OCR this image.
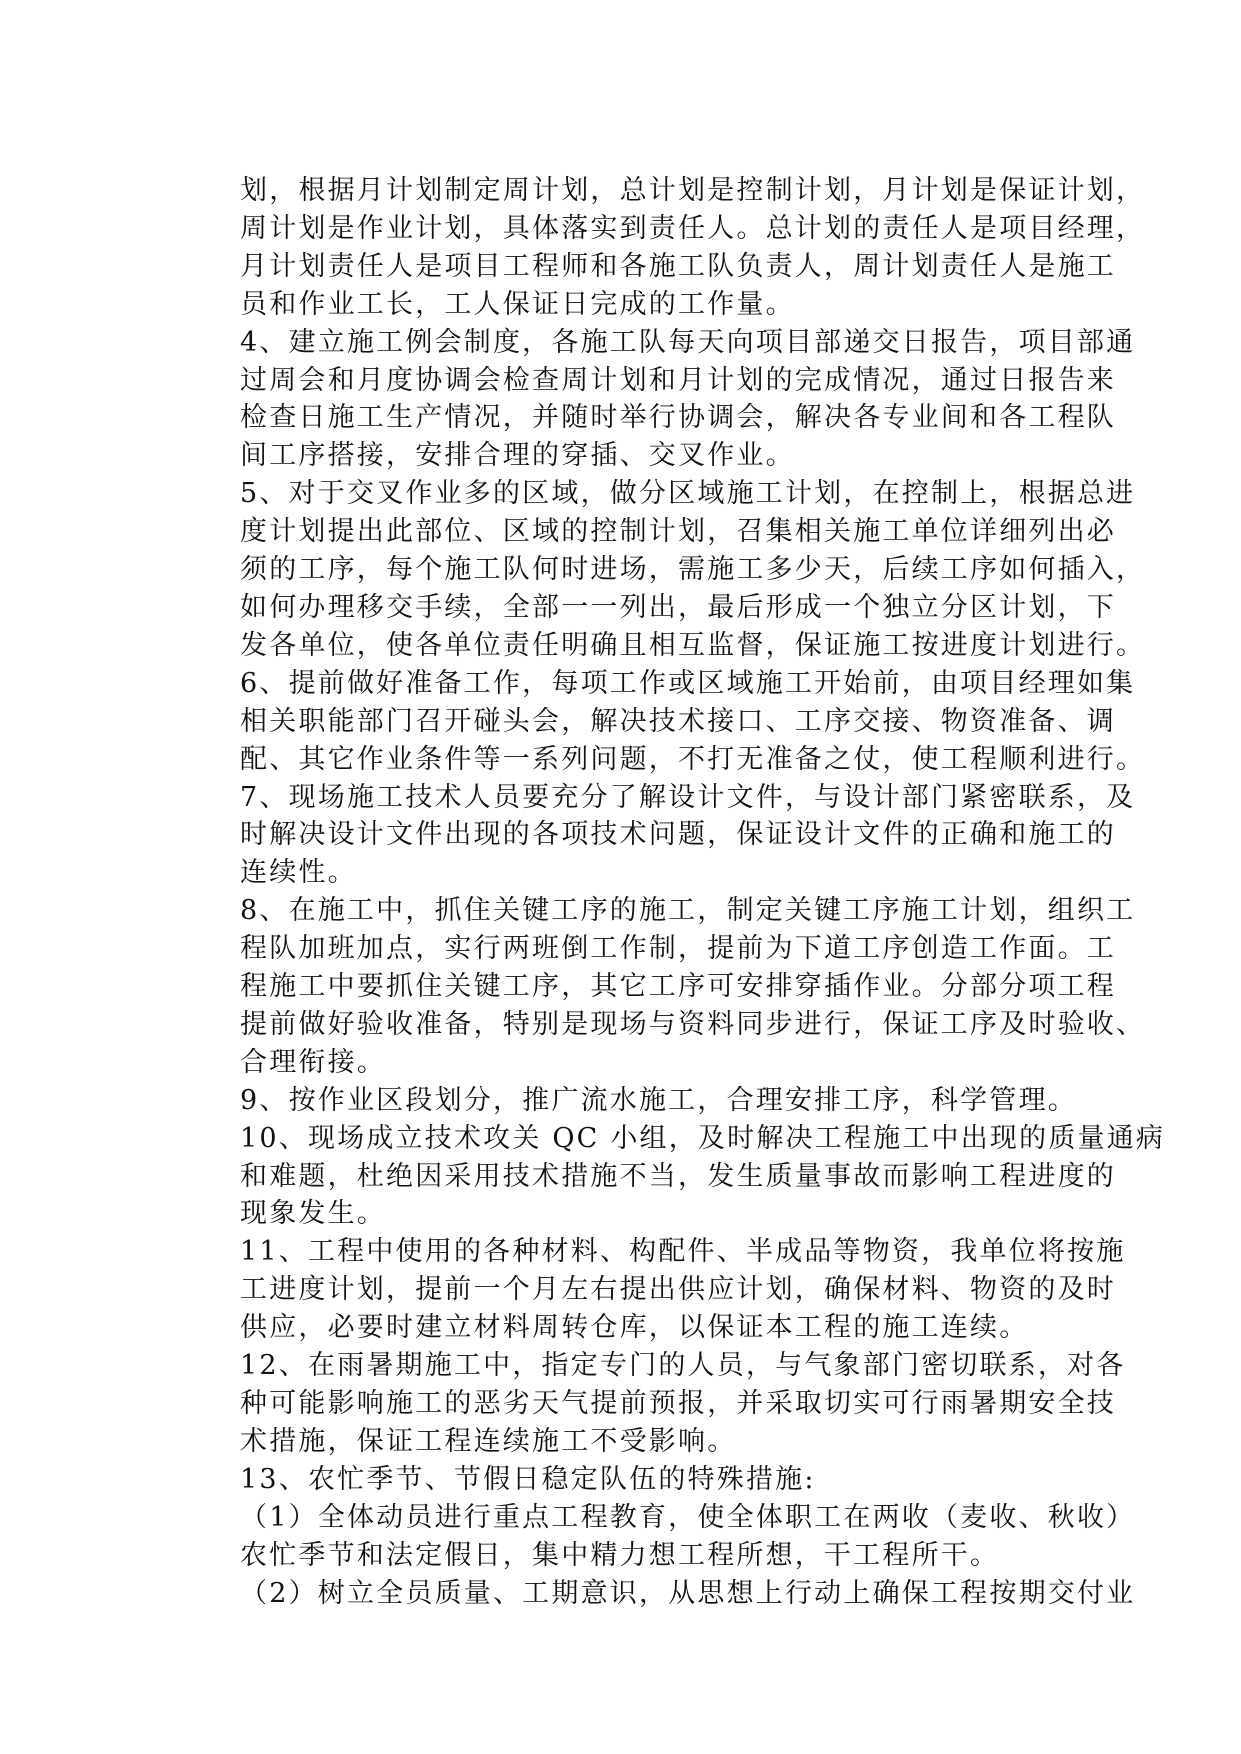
划，根据月计划制定周计划，总计划是控制计划，月计划是保证计划，
周计划是作业计划，具体落实到责任人。总计划的责任人是项目经理，
月计划责任人是项目工程师和各施工队负责人，周计划责任人是施工
员和作业工长，工人保证日完成的工作量。
4、建立施工例会制度，各施工队每天向项目部递交日报告，项目部通
过周会和月度协调会检查周计划和月计划的完成情况，通过日报告来
检查日施工生产情况，并随时举行协调会，解决各专业间和各工程队
间工序搭接，安排合理的穿插、交叉作业。
5、对于交叉作业多的区域，做分区域施工计划，在控制上，根据总进
度计划提出此部位、区域的控制计划，召集相关施工单位详细列出必
须的工序，每个施工队何时进场，需施工多少天，后续工序如何插入，
如何办理移交手续，全部一一列出，最后形成一个独立分区计划，下
发各单位，使各单位责任明确且相互监督，保证施工按进度计划进行。
6、提前做好准备工作，每项工作或区域施工开始前，由项目经理如集
相关职能部门召开碰头会，解决技术接口、工序交接、物资准备、调
配、其它作业条件等一系列问题，不打无准备之仗，使工程顺利进行。
7、现场施工技术人员要充分了解设计文件，与设计部门紧密联系，及
时解决设计文件出现的各项技术问题，保证设计文件的正确和施工的
连续性。
8、在施工中，抓住关键工序的施工，制定关键工序施工计划，组织工
程队加班加点，实行两班倒工作制，提前为下道工序创造工作面。工
程施工中要抓住关键工序，其它工序可安排穿插作业。分部分项工程
提前做好验收准备，特别是现场与资料同步进行，保证工序及时验收、
合理衔接。
9、按作业区段划分，推广流水施工，合理安排工序，科学管理。
10、现场成立技术攻关 QC 小组，及时解决工程施工中出现的质量通病
和难题，杜绝因采用技术措施不当，发生质量事故而影响工程进度的
现象发生。
11、工程中使用的各种材料、构配件、半成品等物资，我单位将按施
工进度计划，提前一个月左右提出供应计划，确保材料、物资的及时
供应，必要时建立材料周转仓库，以保证本工程的施工连续。
12、在雨暑期施工中，指定专门的人员，与气象部门密切联系，对各
种可能影响施工的恶劣天气提前预报，并采取切实可行雨暑期安全技
术措施，保证工程连续施工不受影响。
13、农忙季节、节假日稳定队伍的特殊措施:
（1）全体动员进行重点工程教育，使全体职工在两收（麦收、秋收）
农忙季节和法定假日，集中精力想工程所想，干工程所干。
（2）树立全员质量、工期意识，从思想上行动上确保工程按期交付业
